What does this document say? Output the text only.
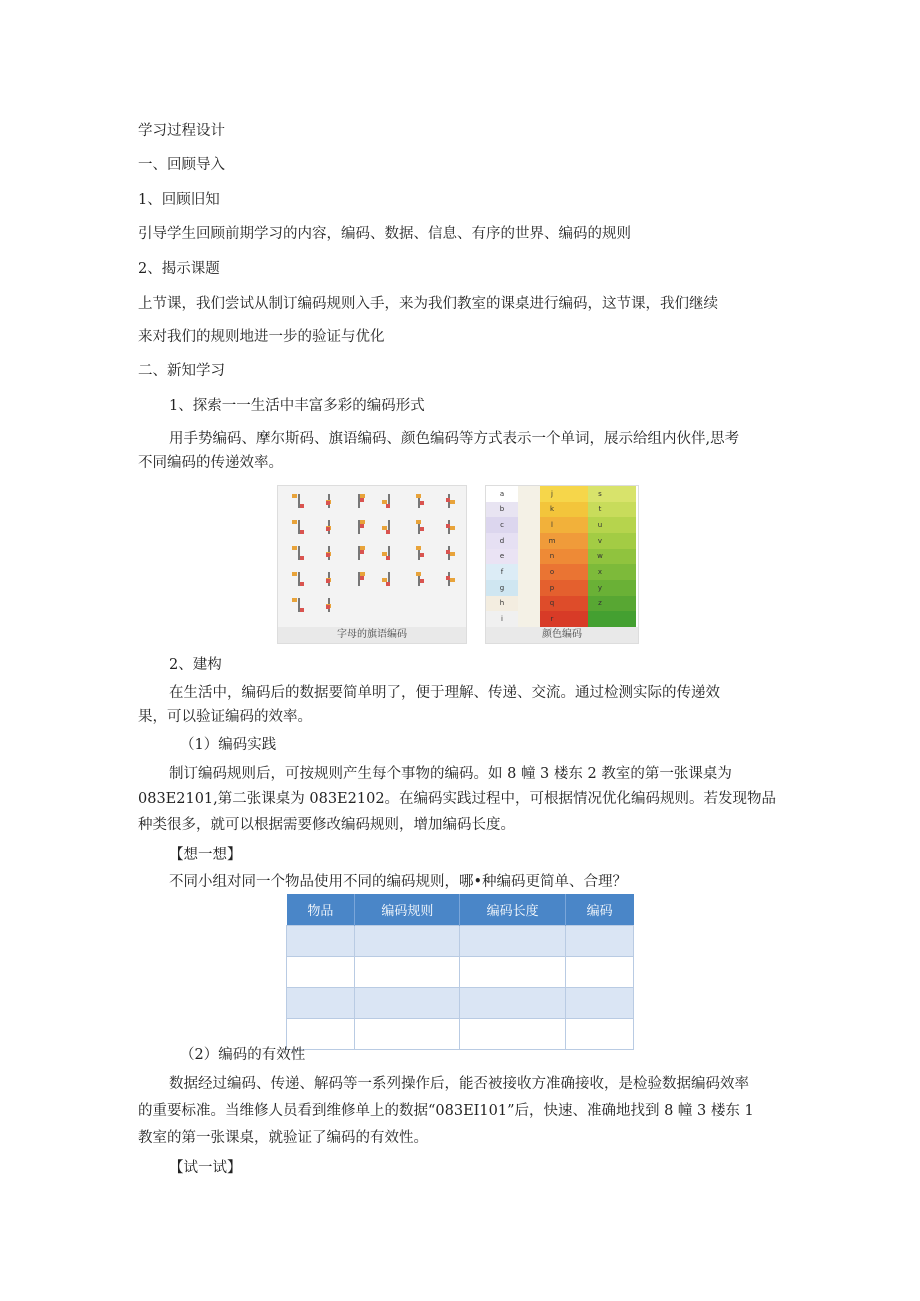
学习过程设计
一、回顾导入
1、回顾旧知
引导学生回顾前期学习的内容，编码、数据、信息、有序的世界、编码的规则
2、揭示课题
上节课，我们尝试从制订编码规则入手，来为我们教室的课桌进行编码，这节课，我们继续
来对我们的规则地进一步的验证与优化
二、新知学习
1、探索一一生活中丰富多彩的编码形式
用手势编码、摩尔斯码、旗语编码、颜色编码等方式表示一个单词，展示给组内伙伴,思考
不同编码的传递效率。
字母的旗语编码
a	j	s
b	k	t
c	l	u
d	m	v
e	n	w
f	o	x
g	p	y
h	q	z
i	r
颜色编码
2、建构
在生活中，编码后的数据要简单明了，便于理解、传递、交流。通过检测实际的传递效
果，可以验证编码的效率。
（1）编码实践
制订编码规则后，可按规则产生每个事物的编码。如 8 幢 3 楼东 2 教室的第一张课桌为
083E2101,第二张课桌为 083E2102。在编码实践过程中，可根据情况优化编码规则。若发现物品
种类很多，就可以根据需要修改编码规则，增加编码长度。
【想一想】
不同小组对同一个物品使用不同的编码规则，哪•种编码更简单、合理？
物品	编码规则	编码长度	编码

（2）编码的有效性
数据经过编码、传递、解码等一系列操作后，能否被接收方准确接收，是检验数据编码效率
的重要标准。当维修人员看到维修单上的数据“083EI101”后，快速、准确地找到 8 幢 3 楼东 1
教室的第一张课桌，就验证了编码的有效性。
【试一试】
